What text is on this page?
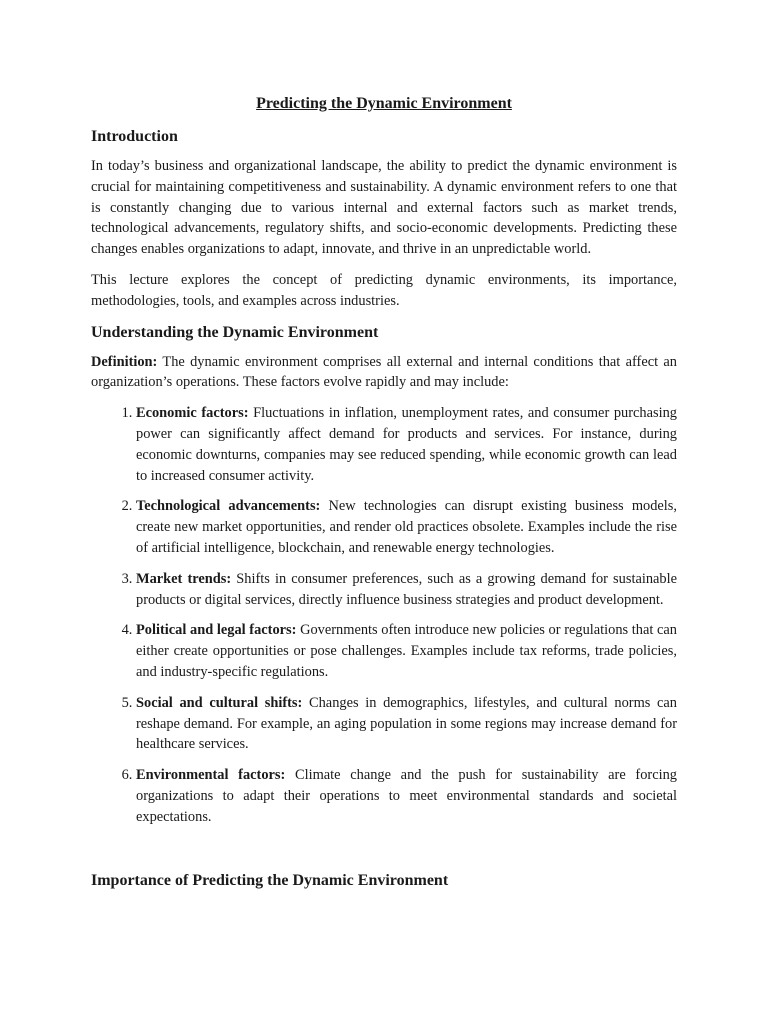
Predicting the Dynamic Environment
Introduction

In today’s business and organizational landscape, the ability to predict the dynamic environment is crucial for maintaining competitiveness and sustainability. A dynamic environment refers to one that is constantly changing due to various internal and external factors such as market trends, technological advancements, regulatory shifts, and socio-economic developments. Predicting these changes enables organizations to adapt, innovate, and thrive in an unpredictable world.

This lecture explores the concept of predicting dynamic environments, its importance, methodologies, tools, and examples across industries.

Understanding the Dynamic Environment

Definition: The dynamic environment comprises all external and internal conditions that affect an organization’s operations. These factors evolve rapidly and may include:

1. Economic factors: Fluctuations in inflation, unemployment rates, and consumer purchasing power can significantly affect demand for products and services. For instance, during economic downturns, companies may see reduced spending, while economic growth can lead to increased consumer activity.
2. Technological advancements: New technologies can disrupt existing business models, create new market opportunities, and render old practices obsolete. Examples include the rise of artificial intelligence, blockchain, and renewable energy technologies.
3. Market trends: Shifts in consumer preferences, such as a growing demand for sustainable products or digital services, directly influence business strategies and product development.
4. Political and legal factors: Governments often introduce new policies or regulations that can either create opportunities or pose challenges. Examples include tax reforms, trade policies, and industry-specific regulations.
5. Social and cultural shifts: Changes in demographics, lifestyles, and cultural norms can reshape demand. For example, an aging population in some regions may increase demand for healthcare services.
6. Environmental factors: Climate change and the push for sustainability are forcing organizations to adapt their operations to meet environmental standards and societal expectations.
Importance of Predicting the Dynamic Environment
